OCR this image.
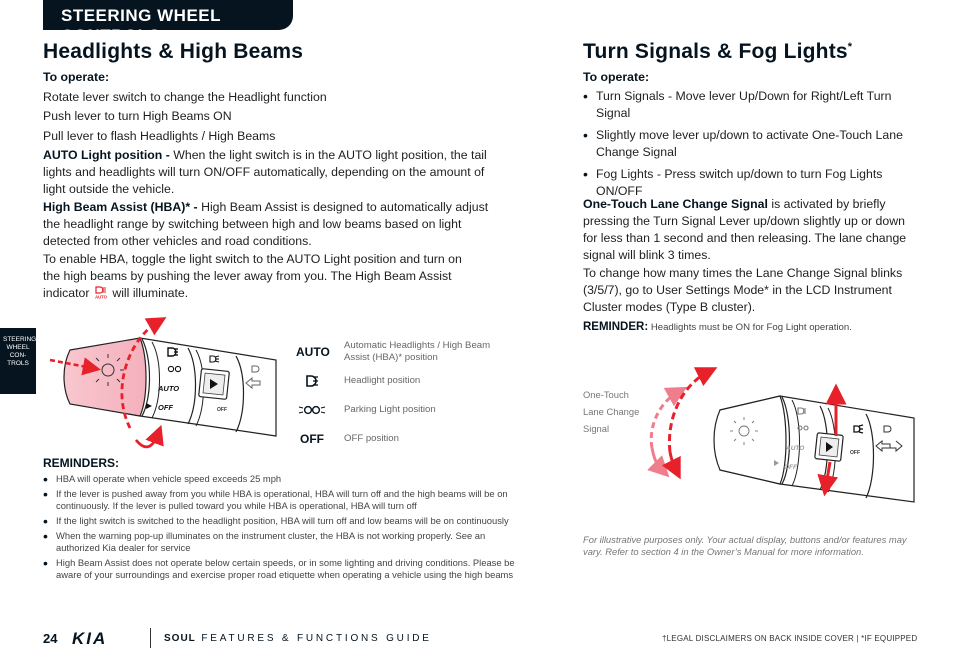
STEERING WHEEL CONTROLS
STEERING WHEEL CON-TROLS
Headlights & High Beams
To operate:
Rotate lever switch to change the Headlight function
Push lever to turn High Beams ON
Pull lever to flash Headlights / High Beams
AUTO Light position - When the light switch is in the AUTO light position, the tail lights and headlights will turn ON/OFF automatically, depending on the amount of light outside the vehicle.
High Beam Assist (HBA)* - High Beam Assist is designed to automatically adjust the headlight range by switching between high and low beams based on light detected from other vehicles and road conditions.
To enable HBA, toggle the light switch to the AUTO Light position and turn on the high beams by pushing the lever away from you. The High Beam Assist indicator AUTO will illuminate.
AUTO
OFF	OFF
AUTO Automatic Headlights / High Beam Assist (HBA)* position
Headlight position
Parking Light position
OFF	OFF position
REMINDERS:
• HBA will operate when vehicle speed exceeds 25 mph
• If the lever is pushed away from you while HBA is operational, HBA will turn off and the high beams will be on continuously. If the lever is pulled toward you while HBA is operational, HBA will turn off
• If the light switch is switched to the headlight position, HBA will turn off and low beams will be on continuously
• When the warning pop-up illuminates on the instrument cluster, the HBA is not working properly. See an authorized Kia dealer for service
• High Beam Assist does not operate below certain speeds, or in some lighting and driving conditions. Please be aware of your surroundings and exercise proper road etiquette when operating a vehicle using the high beams
Turn Signals & Fog Lights*
To operate:
• Turn Signals - Move lever Up/Down for Right/Left Turn Signal
• Slightly move lever up/down to activate One-Touch Lane Change Signal
• Fog Lights - Press switch up/down to turn Fog Lights ON/OFF
One-Touch Lane Change Signal is activated by briefly pressing the Turn Signal Lever up/down slightly up or down for less than 1 second and then releasing. The lane change signal will blink 3 times.
To change how many times the Lane Change Signal blinks (3/5/7), go to User Settings Mode* in the LCD Instrument Cluster modes (Type B cluster).
REMINDER: Headlights must be ON for Fog Light operation.
One-Touch
Lane Change
Signal
AUTO
OFF
OFF
For illustrative purposes only. Your actual display, buttons and/or features may vary. Refer to section 4 in the Owner’s Manual for more information.
24 KIA	SOUL FEATURES & FUNCTIONS GUIDE	†LEGAL DISCLAIMERS ON BACK INSIDE COVER | *IF EQUIPPED
